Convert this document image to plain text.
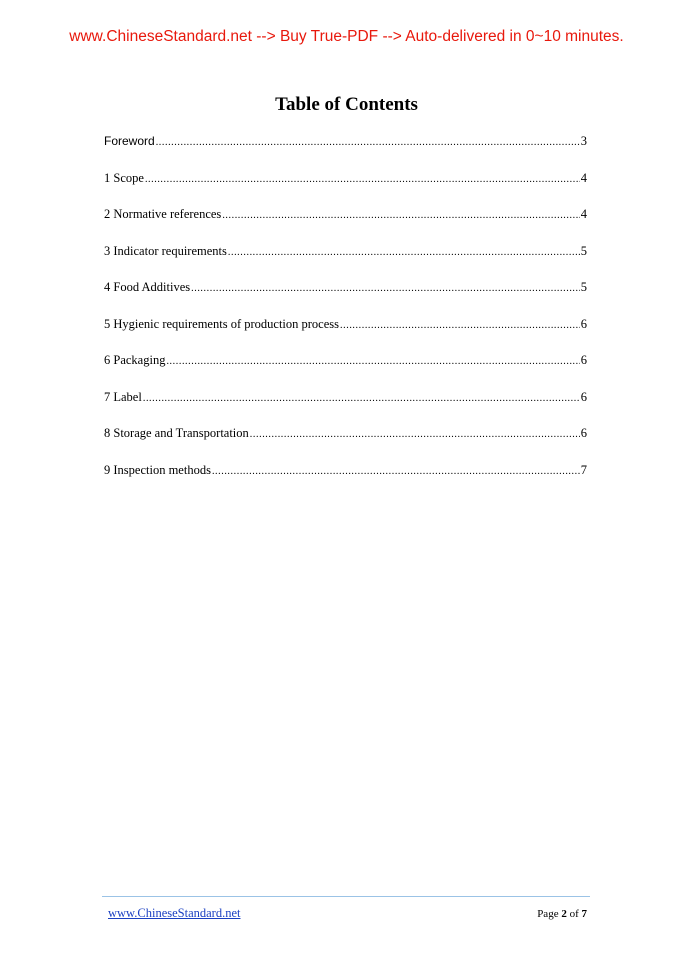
www.ChineseStandard.net --> Buy True-PDF --> Auto-delivered in 0~10 minutes.
Table of Contents
Foreword .....	3
1 Scope .....	4
2 Normative references .....	4
3 Indicator requirements .....	5
4 Food Additives .....	5
5 Hygienic requirements of production process .....	6
6 Packaging .....	6
7 Label .....	6
8 Storage and Transportation .....	6
9 Inspection methods .....	7
www.ChineseStandard.net	Page 2 of 7
